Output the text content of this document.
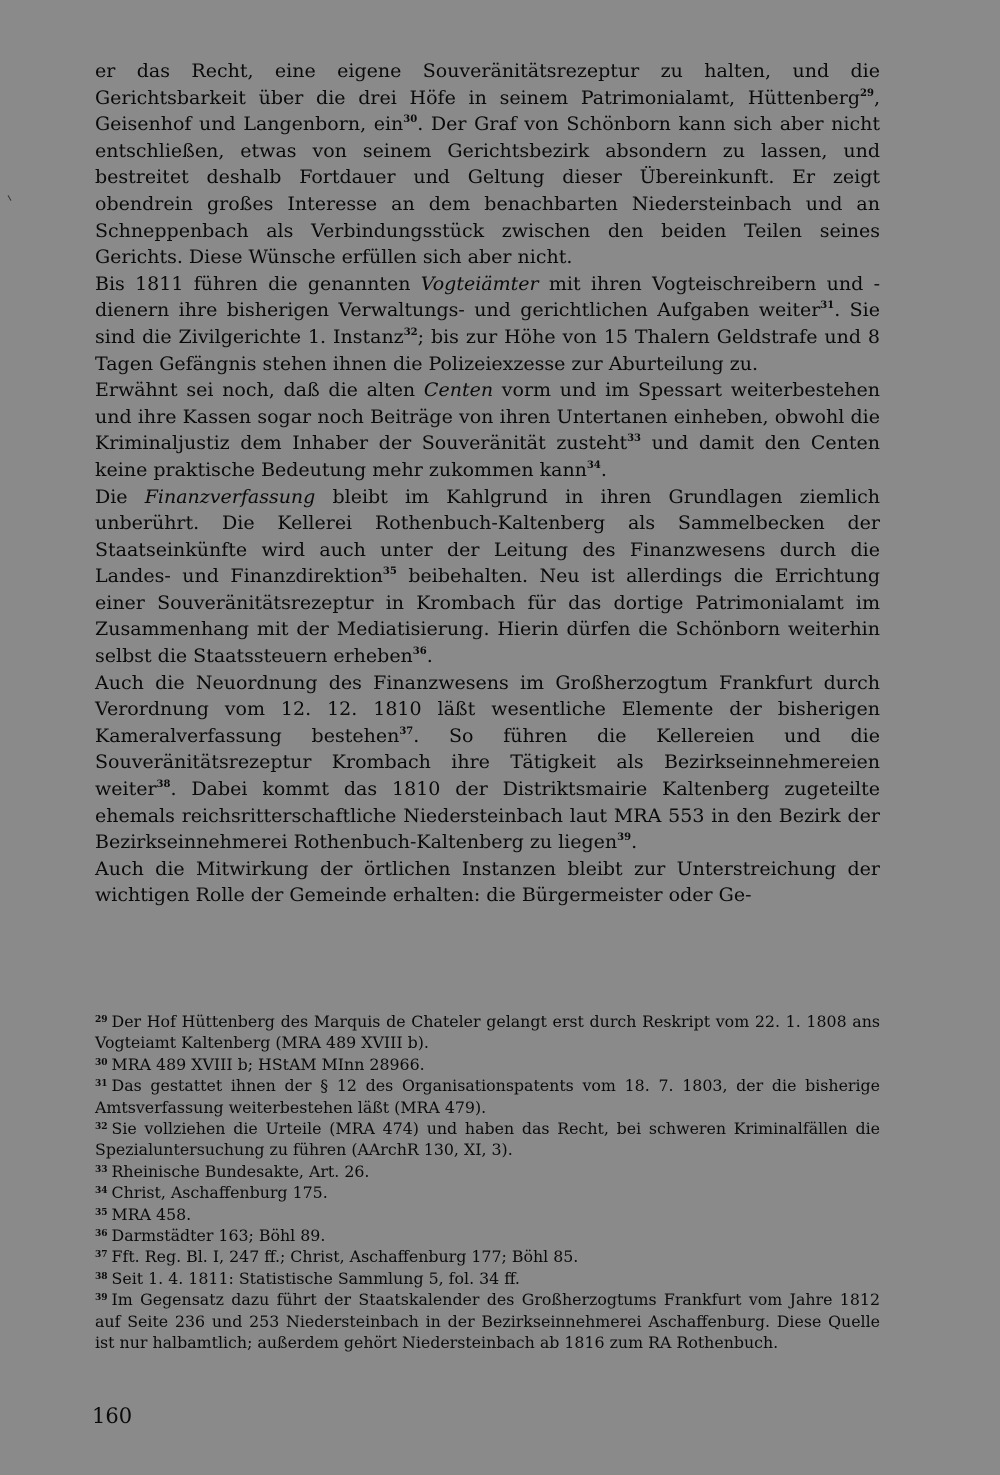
er das Recht, eine eigene Souveränitätsrezeptur zu halten, und die Gerichtsbarkeit über die drei Höfe in seinem Patrimonialamt, Hüttenberg$^{29}$, Geisenhof und Langenborn, ein$^{30}$. Der Graf von Schönborn kann sich aber nicht entschließen, etwas von seinem Gerichtsbezirk absondern zu lassen, und bestreitet deshalb Fortdauer und Geltung dieser Übereinkunft. Er zeigt obendrein großes Interesse an dem benachbarten Niedersteinbach und an Schneppenbach als Verbindungsstück zwischen den beiden Teilen seines Gerichts. Diese Wünsche erfüllen sich aber nicht.

Bis 1811 führen die genannten Vogteiämter mit ihren Vogteischreibern und -dienern ihre bisherigen Verwaltungs- und gerichtlichen Aufgaben weiter$^{31}$. Sie sind die Zivilgerichte 1. Instanz$^{32}$; bis zur Höhe von 15 Thalern Geldstrafe und 8 Tagen Gefängnis stehen ihnen die Polizeiexzesse zur Aburteilung zu.

Erwähnt sei noch, daß die alten Centen vorm und im Spessart weiterbestehen und ihre Kassen sogar noch Beiträge von ihren Untertanen einheben, obwohl die Kriminaljustiz dem Inhaber der Souveränität zusteht$^{33}$ und damit den Centen keine praktische Bedeutung mehr zukommen kann$^{34}$.

Die Finanzverfassung bleibt im Kahlgrund in ihren Grundlagen ziemlich unberührt. Die Kellerei Rothenbuch-Kaltenberg als Sammelbecken der Staatseinkünfte wird auch unter der Leitung des Finanzwesens durch die Landes- und Finanzdirektion$^{35}$ beibehalten. Neu ist allerdings die Errichtung einer Souveränitätsrezeptur in Krombach für das dortige Patrimonialamt im Zusammenhang mit der Mediatisierung. Hierin dürfen die Schönborn weiterhin selbst die Staatssteuern erheben$^{36}$.

Auch die Neuordnung des Finanzwesens im Großherzogtum Frankfurt durch Verordnung vom 12. 12. 1810 läßt wesentliche Elemente der bisherigen Kameralverfassung bestehen$^{37}$. So führen die Kellereien und die Souveränitätsrezeptur Krombach ihre Tätigkeit als Bezirkseinnehmereien weiter$^{38}$. Dabei kommt das 1810 der Distriktsmairie Kaltenberg zugeteilte ehemals reichsritterschaftliche Niedersteinbach laut MRA 553 in den Bezirk der Bezirkseinnehmerei Rothenbuch-Kaltenberg zu liegen$^{39}$.

Auch die Mitwirkung der örtlichen Instanzen bleibt zur Unterstreichung der wichtigen Rolle der Gemeinde erhalten: die Bürgermeister oder Ge-

$^{29}$ Der Hof Hüttenberg des Marquis de Chateler gelangt erst durch Reskript vom 22. 1. 1808 ans Vogteiamt Kaltenberg (MRA 489 XVIII b).

$^{30}$ MRA 489 XVIII b; HStAM MInn 28966.

$^{31}$ Das gestattet ihnen der § 12 des Organisationspatents vom 18. 7. 1803, der die bisherige Amtsverfassung weiterbestehen läßt (MRA 479).

$^{32}$ Sie vollziehen die Urteile (MRA 474) und haben das Recht, bei schweren Kriminalfällen die Spezialuntersuchung zu führen (AArchR 130, XI, 3).

$^{33}$ Rheinische Bundesakte, Art. 26.

$^{34}$ Christ, Aschaffenburg 175.

$^{35}$ MRA 458.

$^{36}$ Darmstädter 163; Böhl 89.

$^{37}$ Fft. Reg. Bl. I, 247 ff.; Christ, Aschaffenburg 177; Böhl 85.

$^{38}$ Seit 1. 4. 1811: Statistische Sammlung 5, fol. 34 ff.

$^{39}$ Im Gegensatz dazu führt der Staatskalender des Großherzogtums Frankfurt vom Jahre 1812 auf Seite 236 und 253 Niedersteinbach in der Bezirkseinnehmerei Aschaffenburg. Diese Quelle ist nur halbamtlich; außerdem gehört Niedersteinbach ab 1816 zum RA Rothenbuch.

160
